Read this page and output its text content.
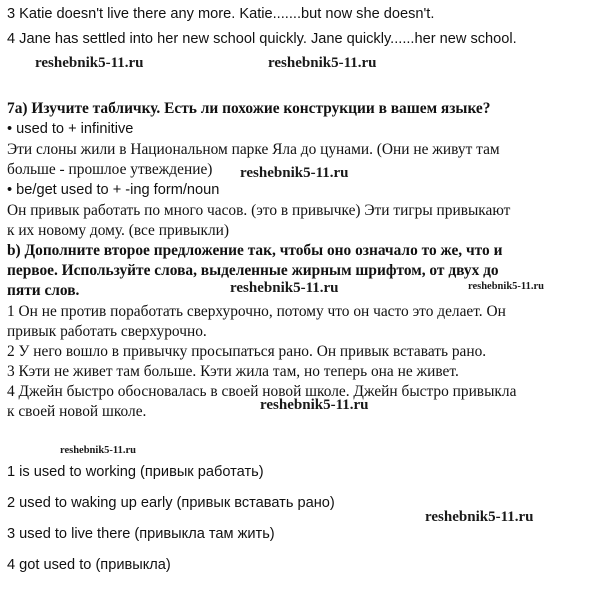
3 Katie doesn't live there any more. Katie.......but now she doesn't.
4 Jane has settled into her new school quickly. Jane quickly......her new school.
7а) Изучите табличку. Есть ли похожие конструкции в вашем языке?
• used to + infinitive
Эти слоны жили в Национальном парке Яла до цунами. (Они не живут там
больше - прошлое утвеждение)
• be/get used to + -ing form/noun
Он привык работать по много часов. (это в привычке) Эти тигры привыкают
к их новому дому. (все привыкли)
b) Дополните второе предложение так, чтобы оно означало то же, что и
первое. Используйте слова, выделенные жирным шрифтом, от двух до
пяти слов.
1 Он не против поработать сверхурочно, потому что он часто это делает. Он
привык работать сверхурочно.
2 У него вошло в привычку просыпаться рано. Он привык вставать рано.
3 Кэти не живет там больше. Кэти жила там, но теперь она не живет.
4 Джейн быстро обосновалась в своей новой школе. Джейн быстро привыкла
к своей новой школе.
1 is used to working (привык работать)
2 used to waking up early (привык вставать рано)
3 used to live there (привыкла там жить)
4 got used to (привыкла)
reshebnik5-11.ru	reshebnik5-11.ru
reshebnik5-11.ru
reshebnik5-11.ru	reshebnik5-11.ru
reshebnik5-11.ru
reshebnik5-11.ru
reshebnik5-11.ru
